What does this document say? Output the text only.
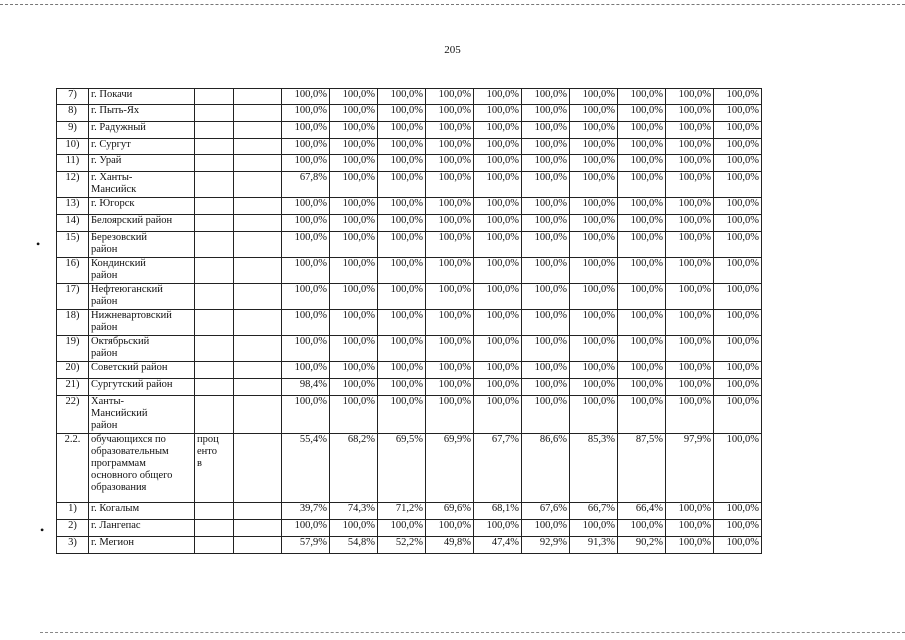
205
•
•
7)	г. Покачи			100,0%	100,0%	100,0%	100,0%	100,0%	100,0%	100,0%	100,0%	100,0%	100,0%
8)	г. Пыть-Ях			100,0%	100,0%	100,0%	100,0%	100,0%	100,0%	100,0%	100,0%	100,0%	100,0%
9)	г. Радужный			100,0%	100,0%	100,0%	100,0%	100,0%	100,0%	100,0%	100,0%	100,0%	100,0%
10)	г. Сургут			100,0%	100,0%	100,0%	100,0%	100,0%	100,0%	100,0%	100,0%	100,0%	100,0%
11)	г. Урай			100,0%	100,0%	100,0%	100,0%	100,0%	100,0%	100,0%	100,0%	100,0%	100,0%
12)	г. Ханты-
Мансийск			67,8%	100,0%	100,0%	100,0%	100,0%	100,0%	100,0%	100,0%	100,0%	100,0%
13)	г. Югорск			100,0%	100,0%	100,0%	100,0%	100,0%	100,0%	100,0%	100,0%	100,0%	100,0%
14)	Белоярский район			100,0%	100,0%	100,0%	100,0%	100,0%	100,0%	100,0%	100,0%	100,0%	100,0%
15)	Березовский
район			100,0%	100,0%	100,0%	100,0%	100,0%	100,0%	100,0%	100,0%	100,0%	100,0%
16)	Кондинский
район			100,0%	100,0%	100,0%	100,0%	100,0%	100,0%	100,0%	100,0%	100,0%	100,0%
17)	Нефтеюганский
район			100,0%	100,0%	100,0%	100,0%	100,0%	100,0%	100,0%	100,0%	100,0%	100,0%
18)	Нижневартовский
район			100,0%	100,0%	100,0%	100,0%	100,0%	100,0%	100,0%	100,0%	100,0%	100,0%
19)	Октябрьский
район			100,0%	100,0%	100,0%	100,0%	100,0%	100,0%	100,0%	100,0%	100,0%	100,0%
20)	Советский район			100,0%	100,0%	100,0%	100,0%	100,0%	100,0%	100,0%	100,0%	100,0%	100,0%
21)	Сургутский район			98,4%	100,0%	100,0%	100,0%	100,0%	100,0%	100,0%	100,0%	100,0%	100,0%
22)	Ханты-
Мансийский
район			100,0%	100,0%	100,0%	100,0%	100,0%	100,0%	100,0%	100,0%	100,0%	100,0%
2.2.	обучающихся по
образовательным
программам
основного общего
образования	проц
енто
в		55,4%	68,2%	69,5%	69,9%	67,7%	86,6%	85,3%	87,5%	97,9%	100,0%
1)	г. Когалым			39,7%	74,3%	71,2%	69,6%	68,1%	67,6%	66,7%	66,4%	100,0%	100,0%
2)	г. Лангепас			100,0%	100,0%	100,0%	100,0%	100,0%	100,0%	100,0%	100,0%	100,0%	100,0%
3)	г. Мегион			57,9%	54,8%	52,2%	49,8%	47,4%	92,9%	91,3%	90,2%	100,0%	100,0%
